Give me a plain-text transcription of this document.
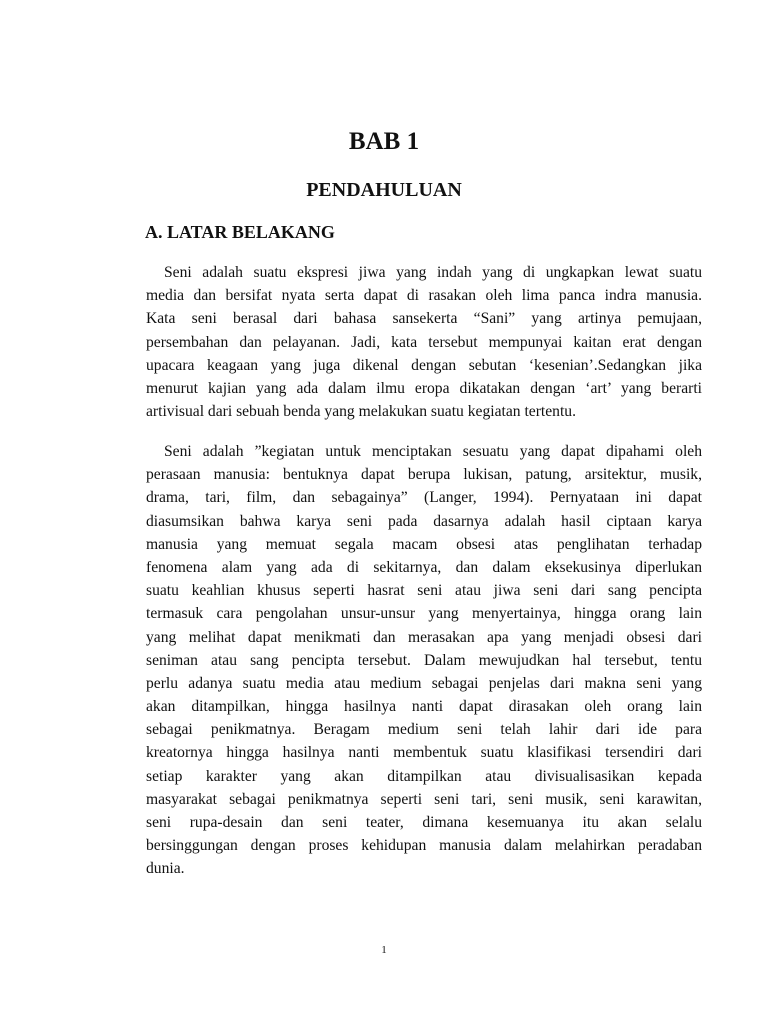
BAB 1
PENDAHULUAN
A. LATAR BELAKANG
Seni adalah suatu ekspresi jiwa yang indah yang di ungkapkan lewat suatu
media dan bersifat nyata serta dapat di rasakan oleh lima panca indra manusia.
Kata seni berasal dari bahasa sansekerta “Sani” yang artinya pemujaan,
persembahan dan pelayanan. Jadi, kata tersebut mempunyai kaitan erat dengan
upacara keagaan yang juga dikenal dengan sebutan ‘kesenian’.Sedangkan jika
menurut kajian yang ada dalam ilmu eropa dikatakan dengan ‘art’ yang berarti
artivisual dari sebuah benda yang melakukan suatu kegiatan tertentu.
Seni adalah ”kegiatan untuk menciptakan sesuatu yang dapat dipahami oleh
perasaan manusia: bentuknya dapat berupa lukisan, patung, arsitektur, musik,
drama, tari, film, dan sebagainya” (Langer, 1994). Pernyataan ini dapat
diasumsikan bahwa karya seni pada dasarnya adalah hasil ciptaan karya
manusia yang memuat segala macam obsesi atas penglihatan terhadap
fenomena alam yang ada di sekitarnya, dan dalam eksekusinya diperlukan
suatu keahlian khusus seperti hasrat seni atau jiwa seni dari sang pencipta
termasuk cara pengolahan unsur-unsur yang menyertainya, hingga orang lain
yang melihat dapat menikmati dan merasakan apa yang menjadi obsesi dari
seniman atau sang pencipta tersebut. Dalam mewujudkan hal tersebut, tentu
perlu adanya suatu media atau medium sebagai penjelas dari makna seni yang
akan ditampilkan, hingga hasilnya nanti dapat dirasakan oleh orang lain
sebagai penikmatnya. Beragam medium seni telah lahir dari ide para
kreatornya hingga hasilnya nanti membentuk suatu klasifikasi tersendiri dari
setiap karakter yang akan ditampilkan atau divisualisasikan kepada
masyarakat sebagai penikmatnya seperti seni tari, seni musik, seni karawitan,
seni rupa-desain dan seni teater, dimana kesemuanya itu akan selalu
bersinggungan dengan proses kehidupan manusia dalam melahirkan peradaban
dunia.
1
